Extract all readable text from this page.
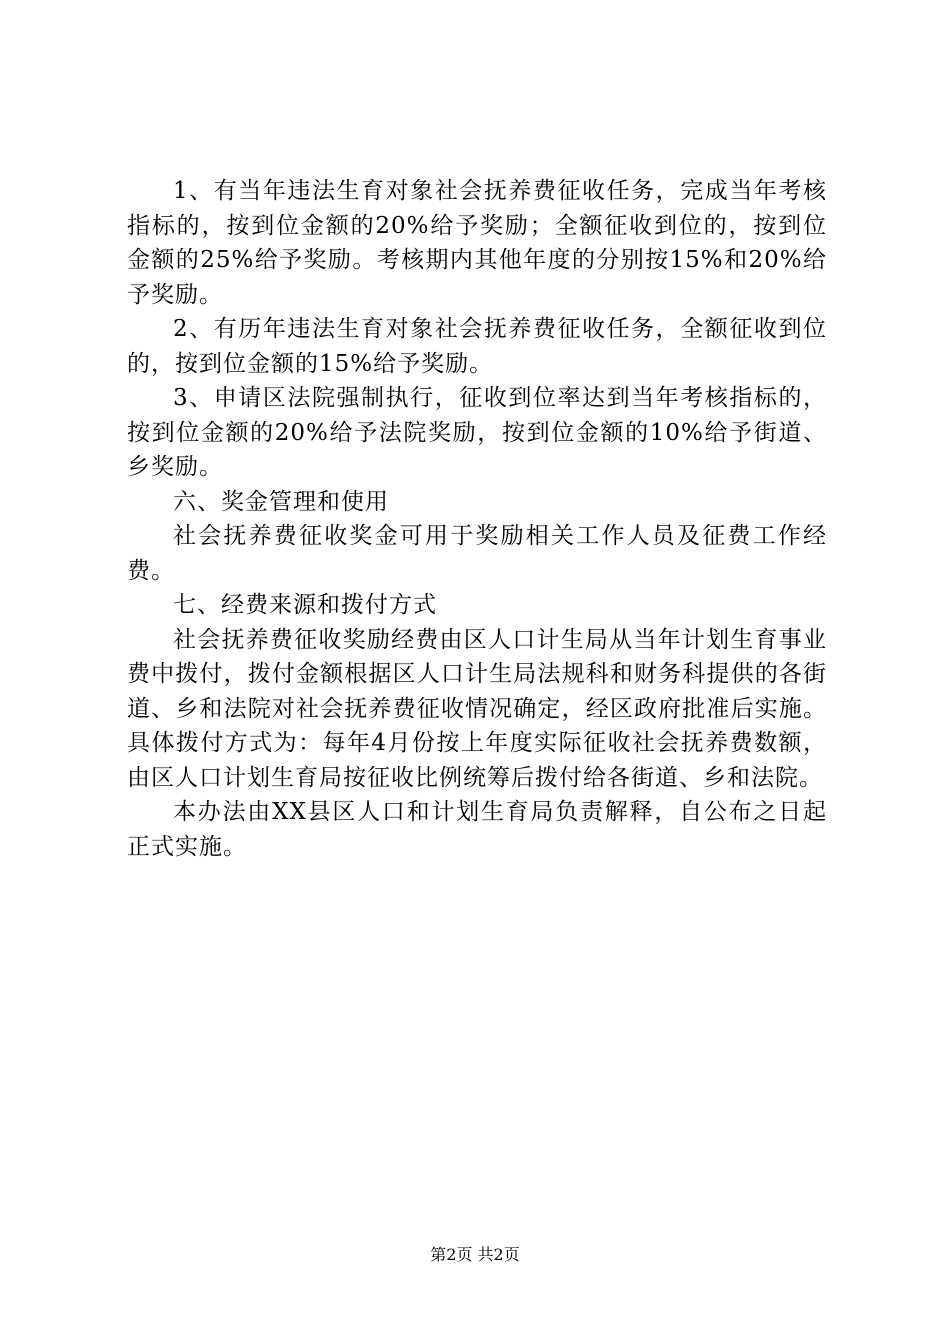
1、有当年违法生育对象社会抚养费征收任务，完成当年考核指标的，按到位金额的20%给予奖励；全额征收到位的，按到位金额的25%给予奖励。考核期内其他年度的分别按15%和20%给予奖励。

2、有历年违法生育对象社会抚养费征收任务，全额征收到位的，按到位金额的15%给予奖励。

3、申请区法院强制执行，征收到位率达到当年考核指标的，按到位金额的20%给予法院奖励，按到位金额的10%给予街道、乡奖励。

六、奖金管理和使用

社会抚养费征收奖金可用于奖励相关工作人员及征费工作经费。

七、经费来源和拨付方式

社会抚养费征收奖励经费由区人口计生局从当年计划生育事业费中拨付，拨付金额根据区人口计生局法规科和财务科提供的各街道、乡和法院对社会抚养费征收情况确定，经区政府批准后实施。具体拨付方式为：每年4月份按上年度实际征收社会抚养费数额，由区人口计划生育局按征收比例统筹后拨付给各街道、乡和法院。

本办法由XX县区人口和计划生育局负责解释，自公布之日起正式实施。

第2页 共2页
